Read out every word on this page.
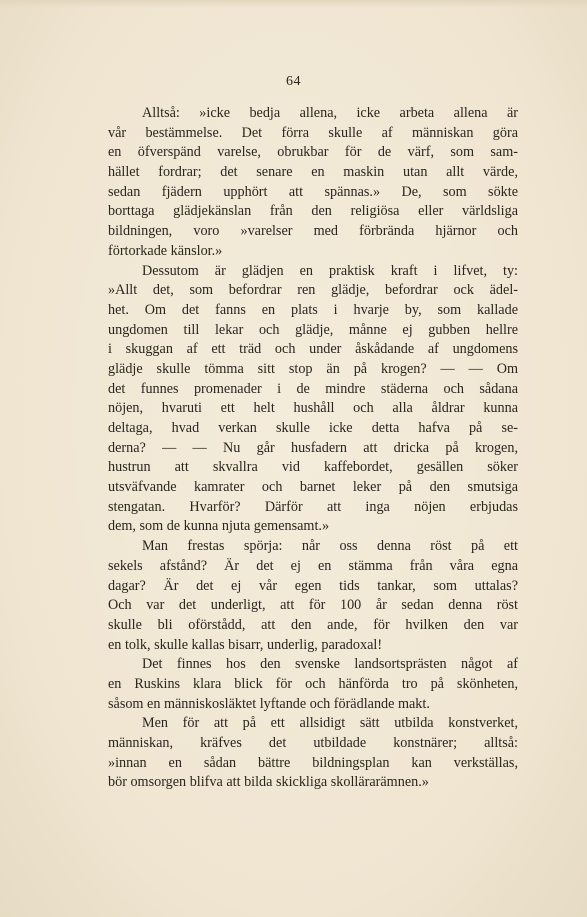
64
Alltså: »icke bedja allena, icke arbeta allena är
vår bestämmelse. Det förra skulle af människan göra
en öfverspänd varelse, obrukbar för de värf, som sam-
hället fordrar; det senare en maskin utan allt värde,
sedan fjädern upphört att spännas.» De, som sökte
borttaga glädjekänslan från den religiösa eller världsliga
bildningen, voro »varelser med förbrända hjärnor och
förtorkade känslor.»
Dessutom är glädjen en praktisk kraft i lifvet, ty:
»Allt det, som befordrar ren glädje, befordrar ock ädel-
het. Om det fanns en plats i hvarje by, som kallade
ungdomen till lekar och glädje, månne ej gubben hellre
i skuggan af ett träd och under åskådande af ungdomens
glädje skulle tömma sitt stop än på krogen? — — Om
det funnes promenader i de mindre städerna och sådana
nöjen, hvaruti ett helt hushåll och alla åldrar kunna
deltaga, hvad verkan skulle icke detta hafva på se-
derna? — — Nu går husfadern att dricka på krogen,
hustrun att skvallra vid kaffebordet, gesällen söker
utsväfvande kamrater och barnet leker på den smutsiga
stengatan. Hvarför? Därför att inga nöjen erbjudas
dem, som de kunna njuta gemensamt.»
Man frestas spörja: når oss denna röst på ett
sekels afstånd? Är det ej en stämma från våra egna
dagar? Är det ej vår egen tids tankar, som uttalas?
Och var det underligt, att för 100 år sedan denna röst
skulle bli oförstådd, att den ande, för hvilken den var
en tolk, skulle kallas bisarr, underlig, paradoxal!
Det finnes hos den svenske landsortsprästen något af
en Ruskins klara blick för och hänförda tro på skönheten,
såsom en människosläktet lyftande och förädlande makt.
Men för att på ett allsidigt sätt utbilda konstverket,
människan, kräfves det utbildade konstnärer; alltså:
»innan en sådan bättre bildningsplan kan verkställas,
bör omsorgen blifva att bilda skickliga skollärarämnen.»
